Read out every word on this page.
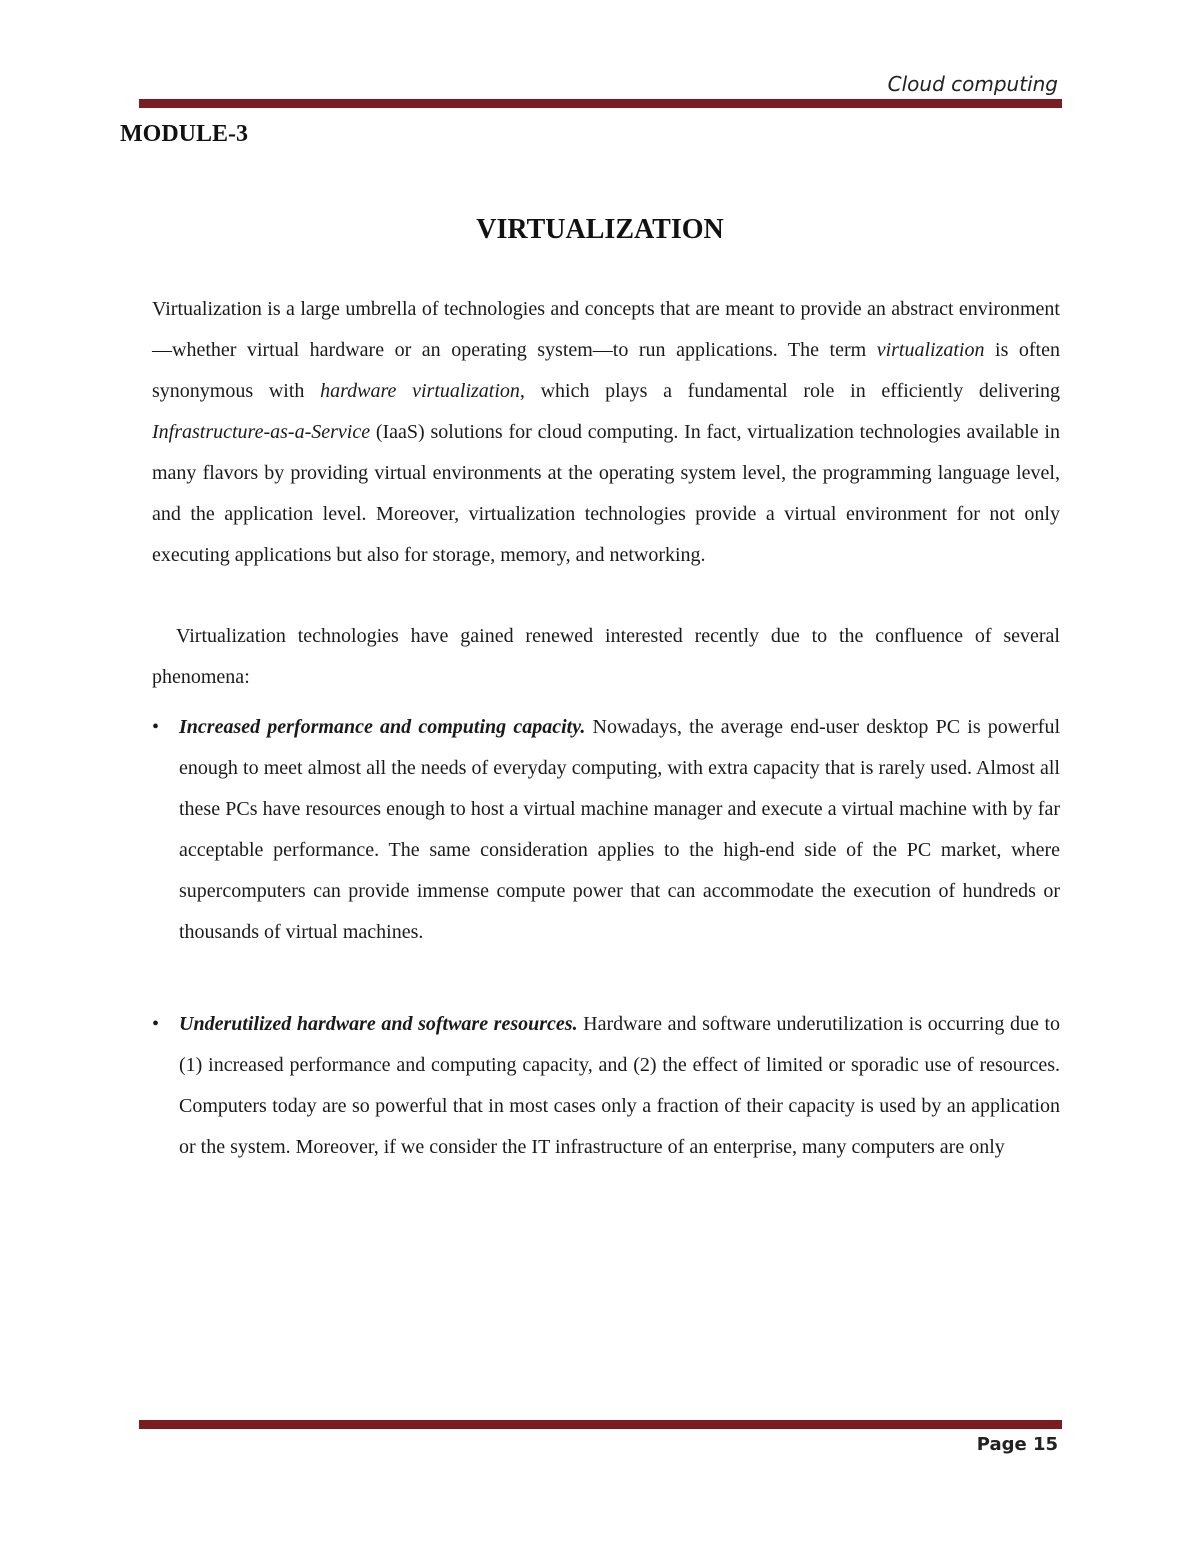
Cloud computing
MODULE-3
VIRTUALIZATION

Virtualization is a large umbrella of technologies and concepts that are meant to provide an abstract environment—whether virtual hardware or an operating system—to run applications. The term virtualization is often synonymous with hardware virtualization, which plays a fundamental role in efficiently delivering Infrastructure-as-a-Service (IaaS) solutions for cloud computing. In fact, virtualization technologies available in many flavors by providing virtual environments at the operating system level, the programming language level, and the application level. Moreover, virtualization technologies provide a virtual environment for not only executing applications but also for storage, memory, and networking.

Virtualization technologies have gained renewed interested recently due to the confluence of several phenomena:

• Increased performance and computing capacity. Nowadays, the average end-user desktop PC is powerful enough to meet almost all the needs of everyday computing, with extra capacity that is rarely used. Almost all these PCs have resources enough to host a virtual machine manager and execute a virtual machine with by far acceptable performance. The same consideration applies to the high-end side of the PC market, where supercomputers can provide immense compute power that can accommodate the execution of hundreds or thousands of virtual machines.
• Underutilized hardware and software resources. Hardware and software underutilization is occurring due to (1) increased performance and computing capacity, and (2) the effect of limited or sporadic use of resources. Computers today are so powerful that in most cases only a fraction of their capacity is used by an application or the system. Moreover, if we consider the IT infrastructure of an enterprise, many computers are only
Page 15
